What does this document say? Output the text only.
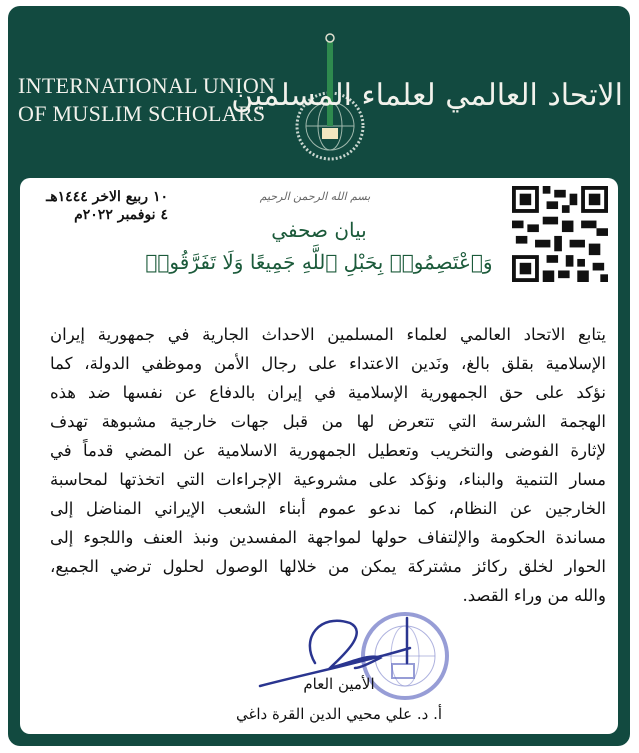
INTERNATIONAL UNION
OF MUSLIM SCHOLARS
الاتحاد العالمي لعلماء المسلمين
١٠ ربيع الاخر ١٤٤٤هـ
٤ نوفمبر ٢٠٢٢م
بسم الله الرحمن الرحيم
بيان صحفي
وَٱعْتَصِمُوا۟ بِحَبْلِ ٱللَّهِ جَمِيعًا وَلَا تَفَرَّقُوا۟
يتابع الاتحاد العالمي لعلماء المسلمين الاحداث الجارية في جمهورية إيران
الإسلامية بقلق بالغ، ونَدين الاعتداء على رجال الأمن وموظفي الدولة، كما
نؤكد على حق الجمهورية الإسلامية في إيران بالدفاع عن نفسها ضد هذه
الهجمة الشرسة التي تتعرض لها من قبل جهات خارجية مشبوهة تهدف
لإثارة الفوضى والتخريب وتعطيل الجمهورية الاسلامية عن المضي قدماً في
مسار التنمية والبناء، ونؤكد على مشروعية الإجراءات التي اتخذتها لمحاسبة
الخارجين عن النظام، كما ندعو عموم أبناء الشعب الإيراني المناضل إلى
مساندة الحكومة والإلتفاف حولها لمواجهة المفسدين ونبذ العنف واللجوء إلى
الحوار لخلق ركائز مشتركة يمكن من خلالها الوصول لحلول ترضي الجميع،
والله من وراء القصد.
الأمين العام
أ. د. علي محيي الدين القرة داغي
